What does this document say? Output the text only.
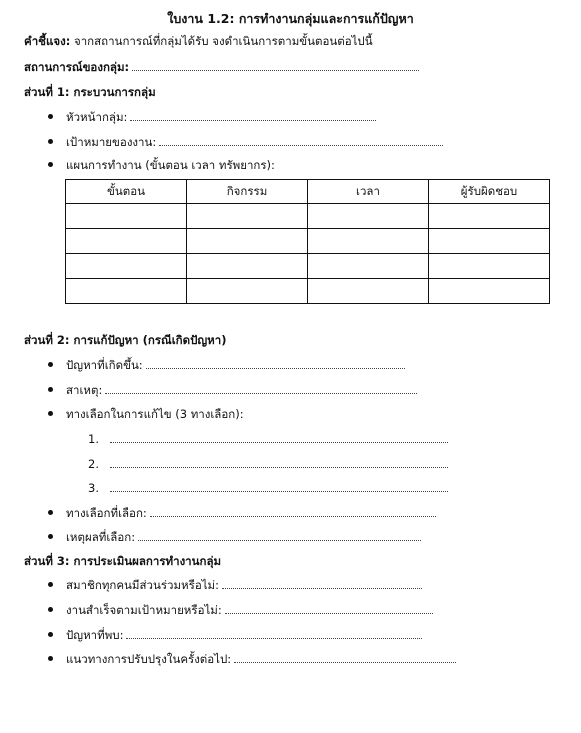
ใบงาน 1.2: การทำงานกลุ่มและการแก้ปัญหา
คำชี้แจง: จากสถานการณ์ที่กลุ่มได้รับ จงดำเนินการตามขั้นตอนต่อไปนี้
สถานการณ์ของกลุ่ม:
ส่วนที่ 1: กระบวนการกลุ่ม
หัวหน้ากลุ่ม:
เป้าหมายของงาน:
แผนการทำงาน (ขั้นตอน เวลา ทรัพยากร):
ขั้นตอน	กิจกรรม	เวลา	ผู้รับผิดชอบ

ส่วนที่ 2: การแก้ปัญหา (กรณีเกิดปัญหา)
ปัญหาที่เกิดขึ้น:
สาเหตุ:
ทางเลือกในการแก้ไข (3 ทางเลือก):
1.
2.
3.
ทางเลือกที่เลือก:
เหตุผลที่เลือก:
ส่วนที่ 3: การประเมินผลการทำงานกลุ่ม
สมาชิกทุกคนมีส่วนร่วมหรือไม่:
งานสำเร็จตามเป้าหมายหรือไม่:
ปัญหาที่พบ:
แนวทางการปรับปรุงในครั้งต่อไป:
